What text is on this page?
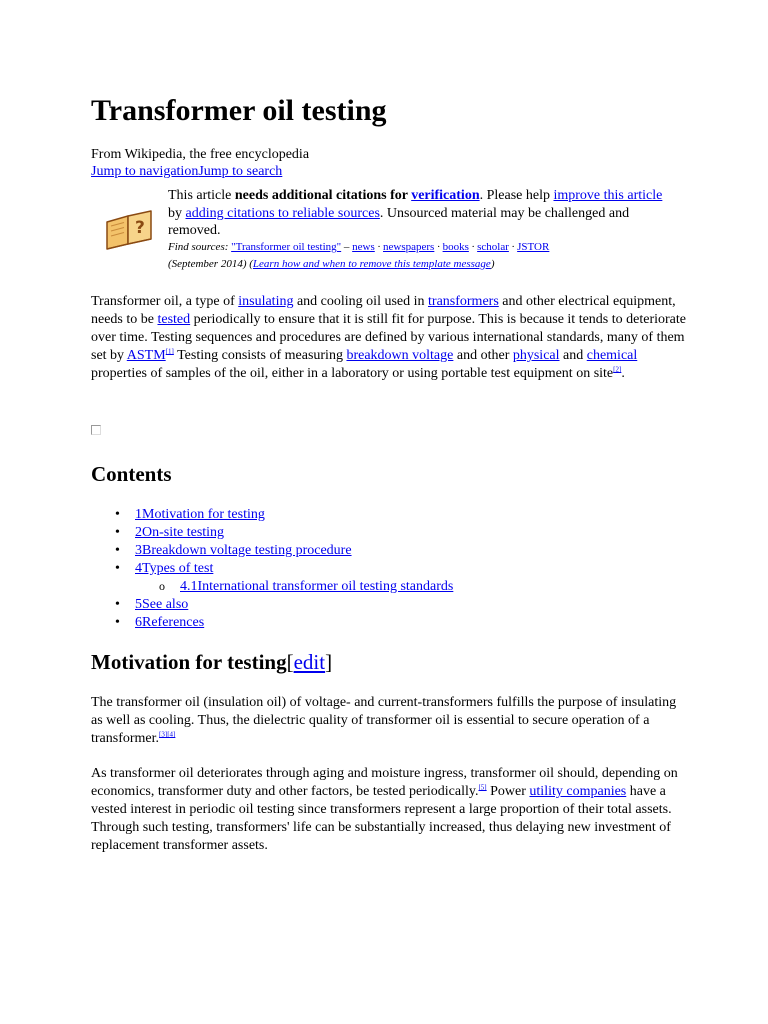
Transformer oil testing
From Wikipedia, the free encyclopedia
Jump to navigationJump to search
?
This article needs additional citations for verification. Please help improve this article by adding citations to reliable sources. Unsourced material may be challenged and removed.
Find sources: "Transformer oil testing" – news · newspapers · books · scholar · JSTOR
(September 2014) (Learn how and when to remove this template message)

Transformer oil, a type of insulating and cooling oil used in transformers and other electrical equipment, needs to be tested periodically to ensure that it is still fit for purpose. This is because it tends to deteriorate over time. Testing sequences and procedures are defined by various international standards, many of them set by ASTM[1] Testing consists of measuring breakdown voltage and other physical and chemical properties of samples of the oil, either in a laboratory or using portable test equipment on site[2].

Contents
• 1Motivation for testing
• 2On-site testing
• 3Breakdown voltage testing procedure
• 4Types of test
o 4.1International transformer oil testing standards
• 5See also
• 6References
Motivation for testing[edit]

The transformer oil (insulation oil) of voltage- and current-transformers fulfills the purpose of insulating as well as cooling. Thus, the dielectric quality of transformer oil is essential to secure operation of a transformer.[3][4]

As transformer oil deteriorates through aging and moisture ingress, transformer oil should, depending on economics, transformer duty and other factors, be tested periodically.[5] Power utility companies have a vested interest in periodic oil testing since transformers represent a large proportion of their total assets. Through such testing, transformers' life can be substantially increased, thus delaying new investment of replacement transformer assets.
